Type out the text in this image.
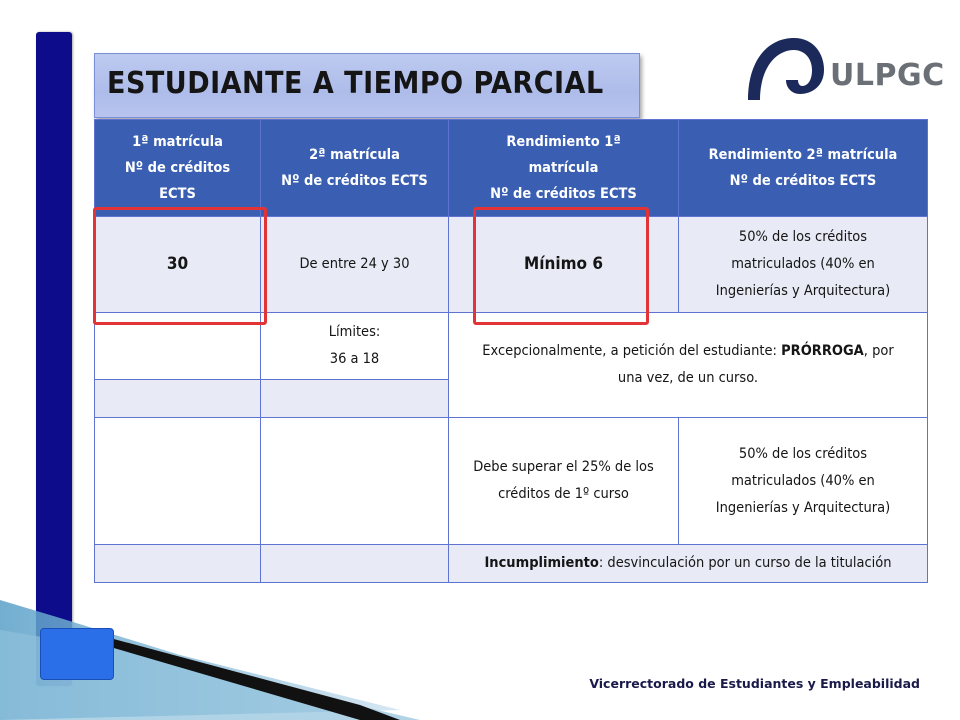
ESTUDIANTE A TIEMPO PARCIAL	ULPGC
1ª matrícula
Nº de créditos
ECTS	2ª matrícula
Nº de créditos ECTS	Rendimiento 1ª
matrícula
Nº de créditos ECTS	Rendimiento 2ª matrícula
Nº de créditos ECTS
30	De entre 24 y 30	Mínimo 6	50% de los créditos
matriculados (40% en
Ingenierías y Arquitectura)
	Límites:
36 a 18	Excepcionalmente, a petición del estudiante: PRÓRROGA, por
una vez, de un curso.	

		Debe superar el 25% de los
créditos de 1º curso	50% de los créditos
matriculados (40% en
Ingenierías y Arquitectura)
		Incumplimiento: desvinculación por un curso de la titulación	
Vicerrectorado de Estudiantes y Empleabilidad
